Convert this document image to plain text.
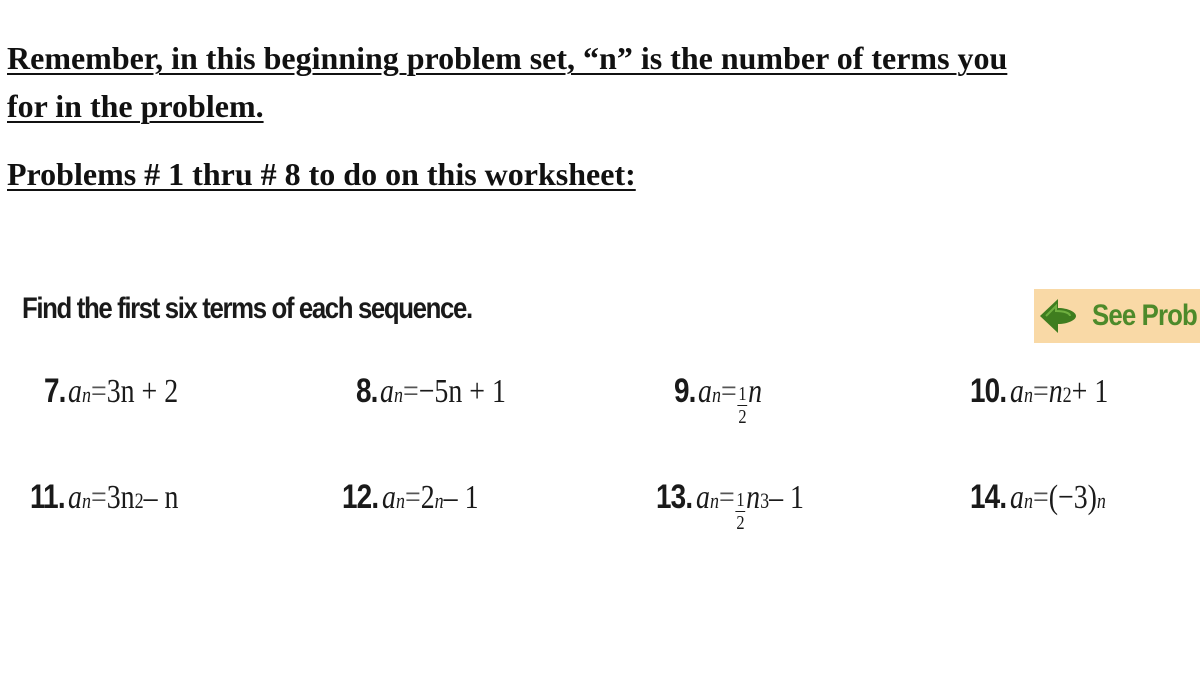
Remember, in this beginning problem set, “n” is the number of terms you
for in the problem.
Problems # 1 thru # 8 to do on this worksheet:
Find the first six terms of each sequence.	See Prob
7. a n = 3n + 2	8. a n = −5n + 1	9. a $n = \frac{1}{2}$ n	10. a n = n 2 + 1
11. a n = 3n 2 – n	12. a n = 2 n – 1	13. a $n = \frac{1}{2}$ n 3 – 1	14. a n = (−3) n
